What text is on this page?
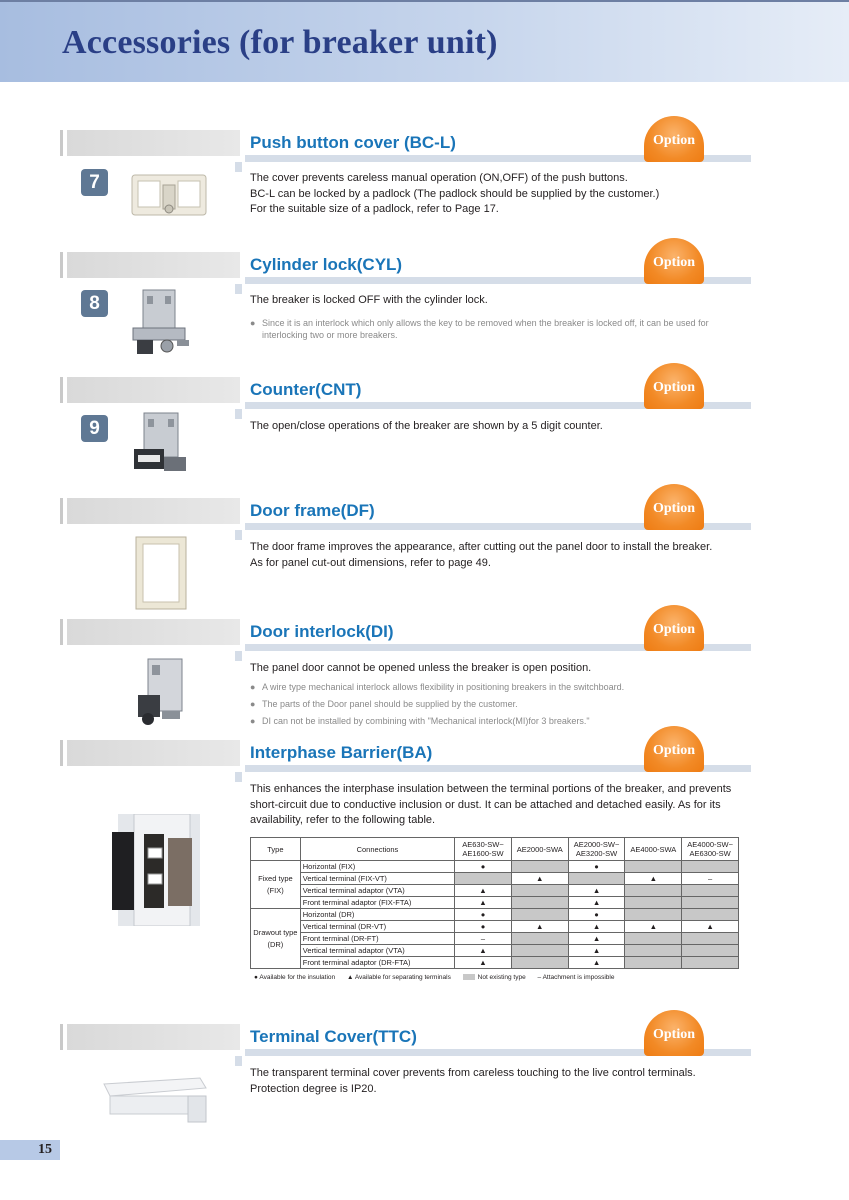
Accessories (for breaker unit)
Push button cover (BC-L)	Option
7	The cover prevents careless manual operation (ON,OFF) of the push buttons.

BC-L can be locked by a padlock (The padlock should be supplied by the customer.)

For the suitable size of a padlock, refer to Page 17.

Cylinder lock(CYL)	Option
8	The breaker is locked OFF with the cylinder lock.

● Since it is an interlock which only allows the key to be removed when the breaker is locked off, it can be used for interlocking two or more breakers.

Counter(CNT)	Option
9	The open/close operations of the breaker are shown by a 5 digit counter.

Door frame(DF)	Option

The door frame improves the appearance, after cutting out the panel door to install the breaker.

As for panel cut-out dimensions, refer to page 49.

Door interlock(DI)	Option

The panel door cannot be opened unless the breaker is open position.

● A wire type mechanical interlock allows flexibility in positioning breakers in the switchboard.

● The parts of the Door panel should be supplied by the customer.

● DI can not be installed by combining with "Mechanical interlock(MI)for 3 breakers."

Interphase Barrier(BA)	Option

This enhances the interphase insulation between the terminal portions of the breaker, and prevents

short-circuit due to conductive inclusion or dust. It can be attached and detached easily. As for its

availability, refer to the following table.

Type	Connections	AE630-SW~ AE1600-SW	AE2000-SWA	AE2000-SW~ AE3200-SW	AE4000-SWA	AE4000-SW~ AE6300-SW
Fixed type (FIX)	Horizontal (FIX)	●		●		
	Vertical terminal (FIX-VT)		▲		▲	–
	Vertical terminal adaptor (VTA)	▲		▲		
	Front terminal adaptor (FIX-FTA)	▲		▲		
Drawout type (DR)	Horizontal (DR)	●		●		
	Vertical terminal (DR-VT)	●	▲	▲	▲	▲
	Front terminal (DR-FT)	–		▲		
	Vertical terminal adaptor (VTA)	▲		▲		
	Front terminal adaptor (DR-FTA)	▲		▲		
● Available for the insulation ▲ Available for separating terminals	Not existing type – Attachment is impossible
Terminal Cover(TTC)	Option

The transparent terminal cover prevents from careless touching to the live control terminals.

Protection degree is IP20.

15
